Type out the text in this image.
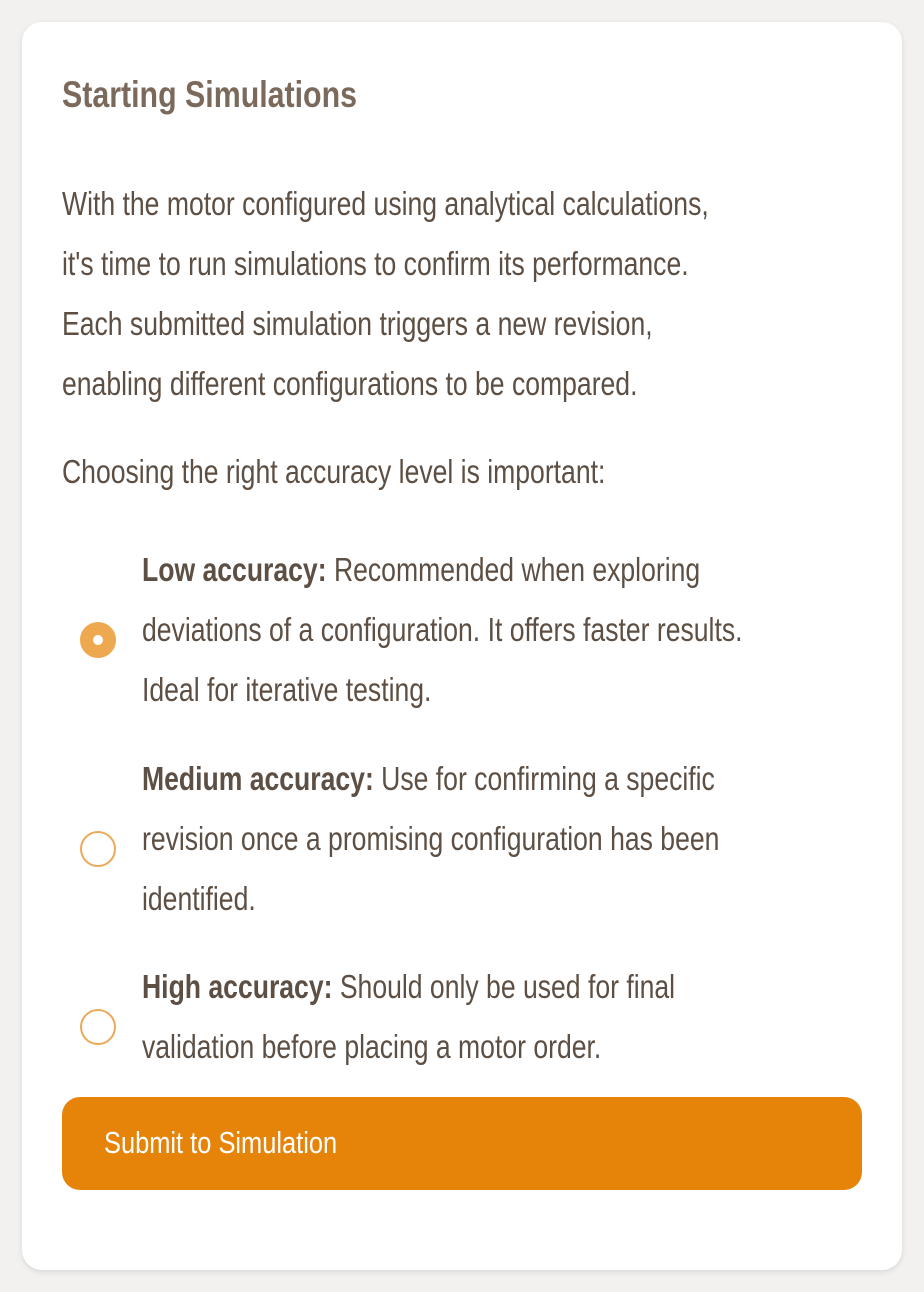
Starting Simulations

With the motor configured using analytical calculations,
it's time to run simulations to confirm its performance.
Each submitted simulation triggers a new revision,
enabling different configurations to be compared.

Choosing the right accuracy level is important:

Low accuracy: Recommended when exploring
deviations of a configuration. It offers faster results.
Ideal for iterative testing.
Medium accuracy: Use for confirming a specific
revision once a promising configuration has been
identified.
High accuracy: Should only be used for final
validation before placing a motor order.
Submit to Simulation
